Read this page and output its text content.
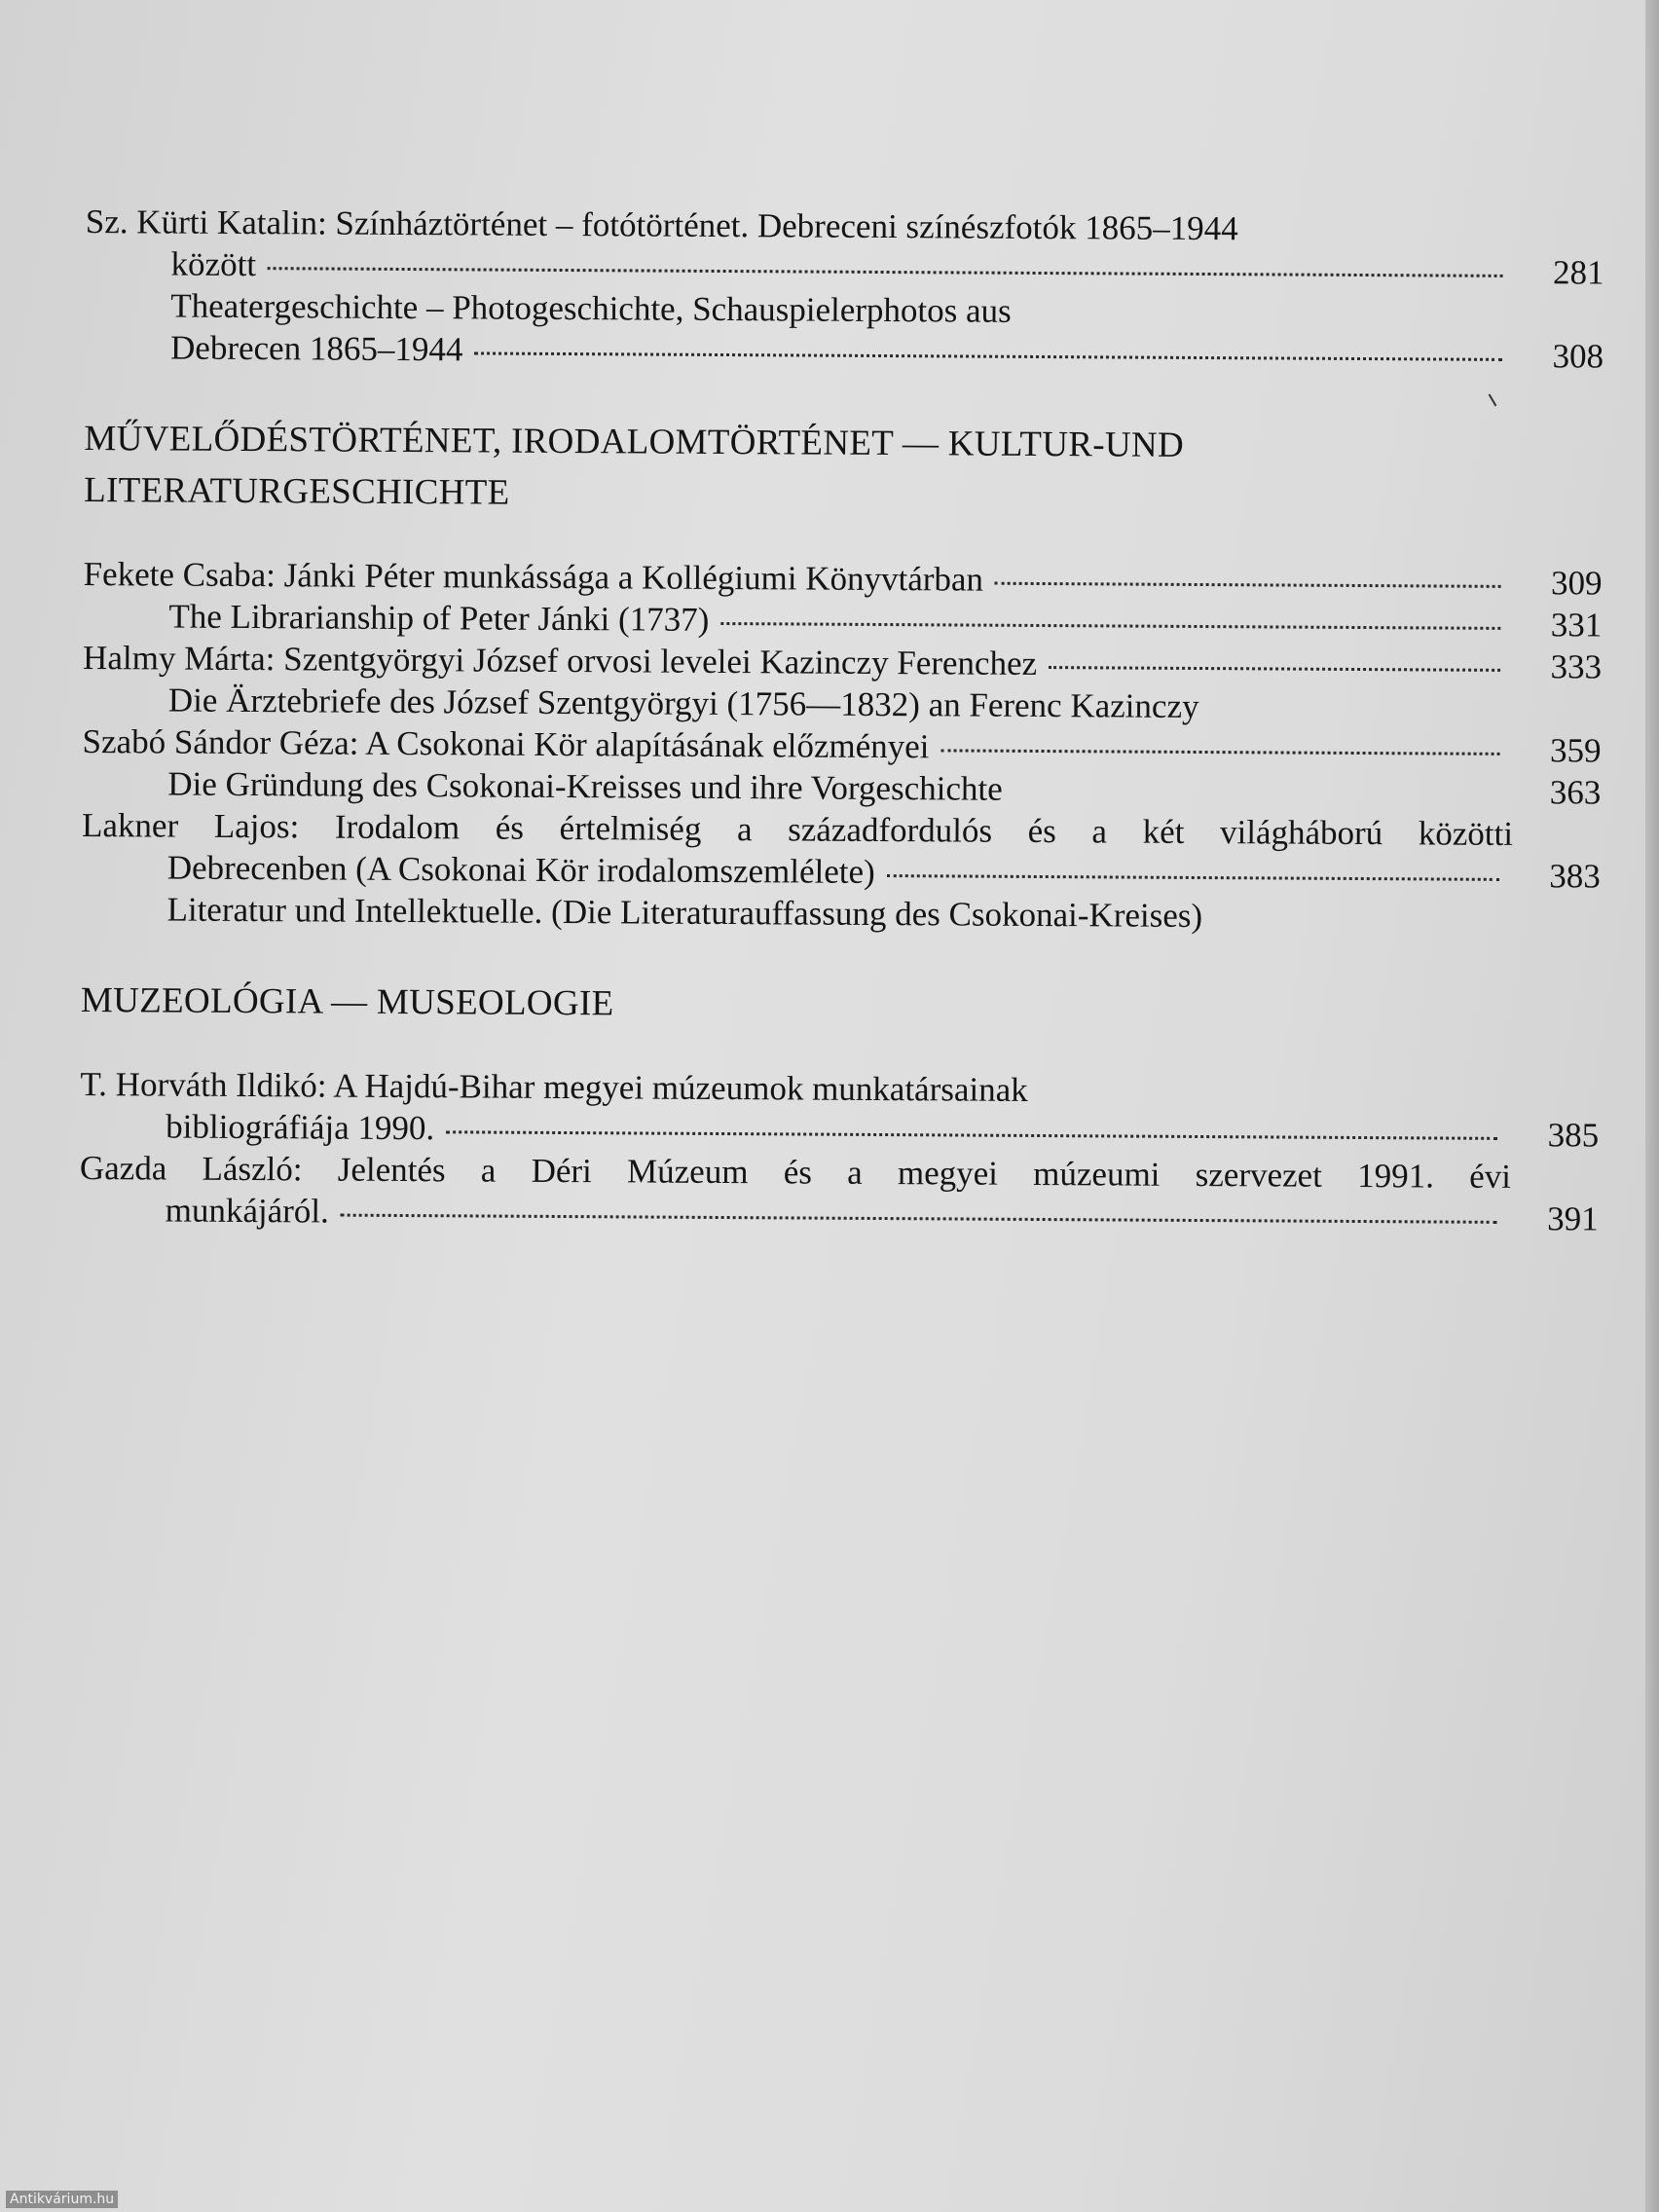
Sz. Kürti Katalin: Színháztörténet – fotótörténet. Debreceni színészfotók 1865–1944
között	281
Theatergeschichte – Photogeschichte, Schauspielerphotos aus
Debrecen 1865–1944	308
MŰVELŐDÉSTÖRTÉNET, IRODALOMTÖRTÉNET — KULTUR-UND
LITERATURGESCHICHTE
Fekete Csaba: Jánki Péter munkássága a Kollégiumi Könyvtárban	309
The Librarianship of Peter Jánki (1737)	331
Halmy Márta: Szentgyörgyi József orvosi levelei Kazinczy Ferenchez	333
Die Ärztebriefe des József Szentgyörgyi (1756—1832) an Ferenc Kazinczy
Szabó Sándor Géza: A Csokonai Kör alapításának előzményei	359
Die Gründung des Csokonai-Kreisses und ihre Vorgeschichte	363
Lakner Lajos: Irodalom és értelmiség a századfordulós és a két világháború közötti
Debrecenben (A Csokonai Kör irodalomszemlélete)	383
Literatur und Intellektuelle. (Die Literaturauffassung des Csokonai-Kreises)
MUZEOLÓGIA — MUSEOLOGIE
T. Horváth Ildikó: A Hajdú-Bihar megyei múzeumok munkatársainak
bibliográfiája 1990.	385
Gazda László: Jelentés a Déri Múzeum és a megyei múzeumi szervezet 1991. évi
munkájáról.	391
Antikvárium.hu
